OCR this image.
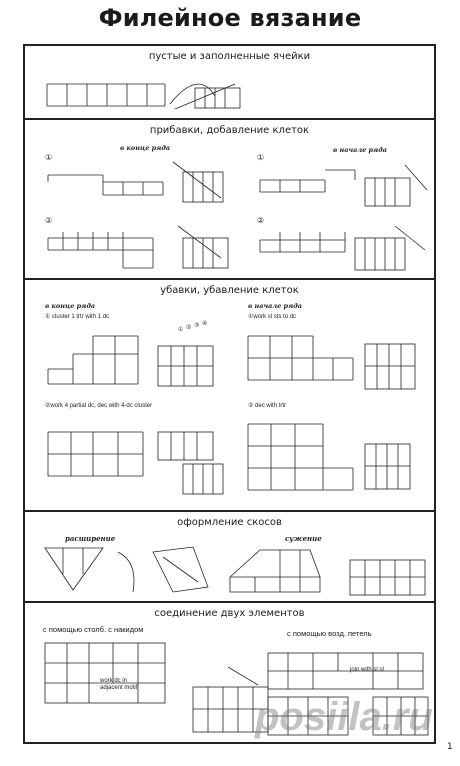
Филейное вязание
пустые и заполненные ячейки
прибавки, добавление клеток
в конце ряда	в начале ряда
①
②
①
②
убавки, убавление клеток
в конце ряда	в начале ряда
① cluster 1 trtr with 1 dc	①work sl sts to dc
②work 4 partial dc, dec with 4-dc cluster	② dec with trtr
① ② ③ ④
оформление скосов
расширение	сужение
соединение двух элементов
с помощью столб. с накидом	с помощью возд. петель
work dc in
adjacent motif
join with sl st
posiila.ru
1
